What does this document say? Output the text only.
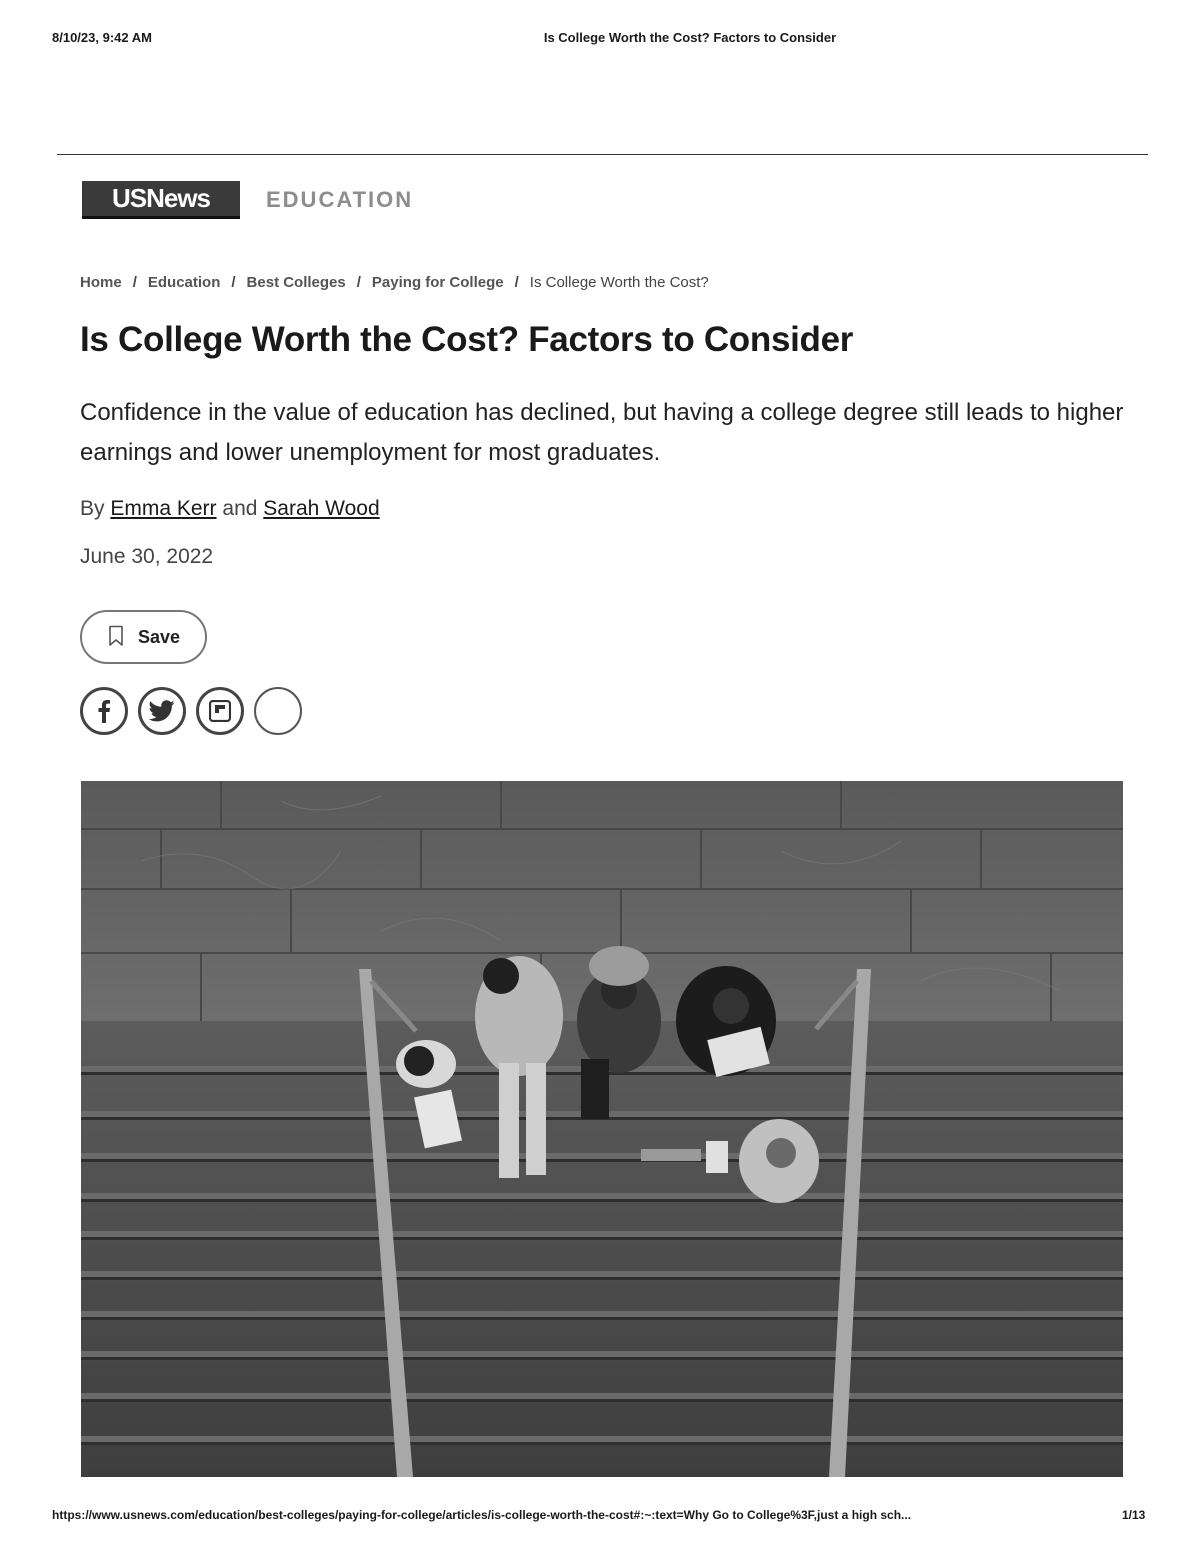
8/10/23, 9:42 AM	Is College Worth the Cost? Factors to Consider
USNews	EDUCATION
Home / Education / Best Colleges / Paying for College / Is College Worth the Cost?
Is College Worth the Cost? Factors to Consider

Confidence in the value of education has declined, but having a college degree still leads to higher earnings and lower unemployment for most graduates.

By Emma Kerr and Sarah Wood
June 30, 2022
Save
https://www.usnews.com/education/best-colleges/paying-for-college/articles/is-college-worth-the-cost#:~:text=Why Go to College%3F,just a high sch...	1/13
